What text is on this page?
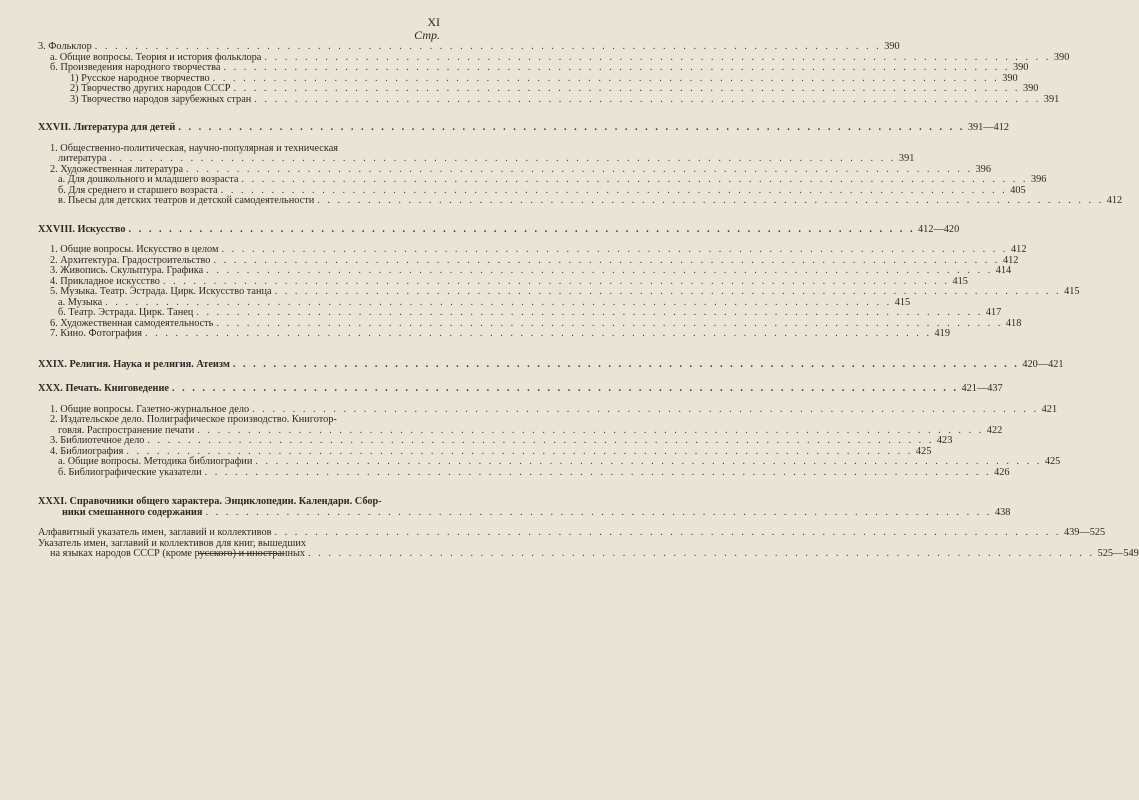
XI
Стр.
3. Фольклор . . .	390
а. Общие вопросы. Теория и история фольклора . . .	390
б. Произведения народного творчества . . .	390
1) Русское народное творчество . . .	390
2) Творчество других народов СССР . . .	390
3) Творчество народов зарубежных стран . . .	391
XXVII. Литература для детей . . .	391—412
1. Общественно-политическая, научно-популярная и техническая
литература . . .	391
2. Художественная литература . . .	396
а. Для дошкольного и младшего возраста . . .	396
б. Для среднего и старшего возраста . . .	405
в. Пьесы для детских театров и детской самодеятельности . . .	412
XXVIII. Искусство . . .	412—420
1. Общие вопросы. Искусство в целом . . .	412
2. Архитектура. Градостроительство . . .	412
3. Живопись. Скульптура. Графика . . .	414
4. Прикладное искусство . . .	415
5. Музыка. Театр. Эстрада. Цирк. Искусство танца . . .	415
а. Музыка . . .	415
б. Театр. Эстрада. Цирк. Танец . . .	417
6. Художественная самодеятельность . . .	418
7. Кино. Фотография . . .	419
XXIX. Религия. Наука и религия. Атеизм . . .	420—421
XXX. Печать. Книговедение . . .	421—437
1. Общие вопросы. Газетно-журнальное дело . . .	421
2. Издательское дело. Полиграфическое производство. Книготор-
говля. Распространение печати . . .	422
3. Библиотечное дело . . .	423
4. Библиография . . .	425
а. Общие вопросы. Методика библиографии . . .	425
б. Библиографические указатели . . .	426
XXXI. Справочники общего характера. Энциклопедии. Календари. Сбор-
ники смешанного содержания . . .	438
Алфавитный указатель имен, заглавий и коллективов . . .	439—525
Указатель имен, заглавий и коллективов для книг, вышедших
на языках народов СССР (кроме русского) и иностранных . . .	525—549
